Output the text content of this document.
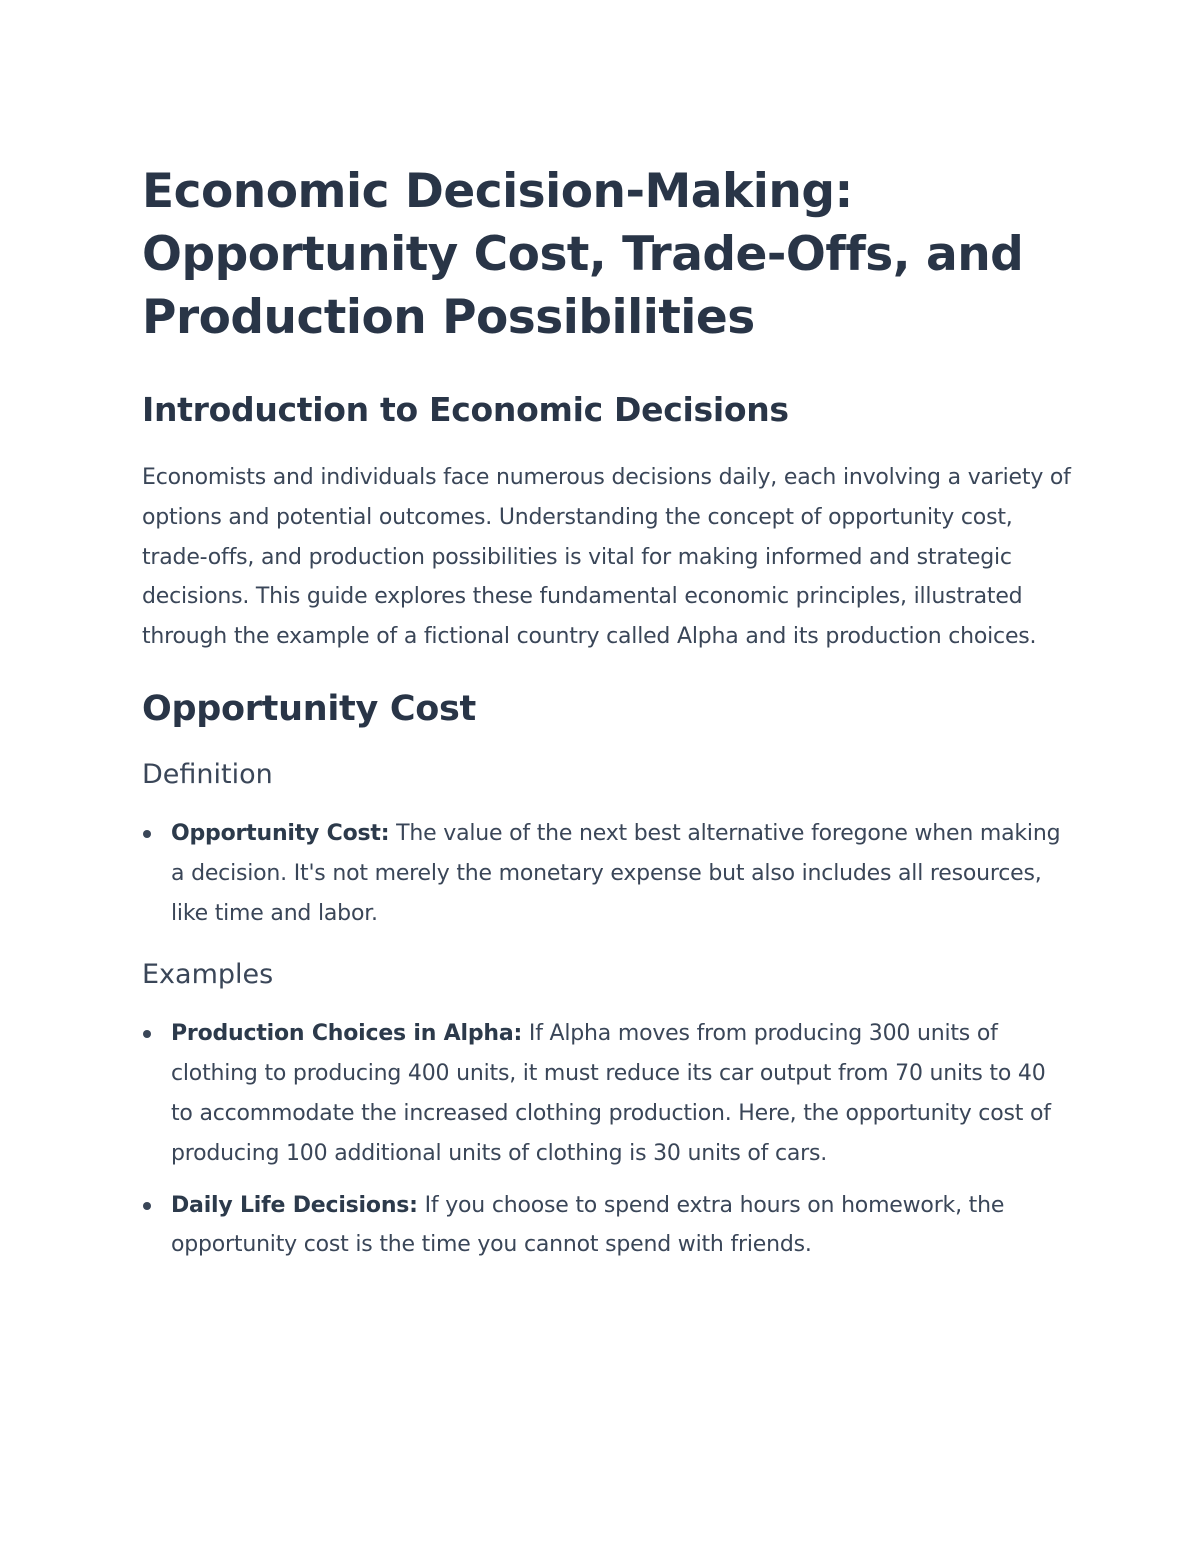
Economic Decision-Making: Opportunity Cost, Trade-Offs, and Production Possibilities
Introduction to Economic Decisions

Economists and individuals face numerous decisions daily, each involving a variety of options and potential outcomes. Understanding the concept of opportunity cost, trade-offs, and production possibilities is vital for making informed and strategic decisions. This guide explores these fundamental economic principles, illustrated through the example of a fictional country called Alpha and its production choices.

Opportunity Cost
Definition
Opportunity Cost: The value of the next best alternative foregone when making a decision. It's not merely the monetary expense but also includes all resources, like time and labor.
Examples
Production Choices in Alpha: If Alpha moves from producing 300 units of clothing to producing 400 units, it must reduce its car output from 70 units to 40 to accommodate the increased clothing production. Here, the opportunity cost of producing 100 additional units of clothing is 30 units of cars.
Daily Life Decisions: If you choose to spend extra hours on homework, the opportunity cost is the time you cannot spend with friends.
